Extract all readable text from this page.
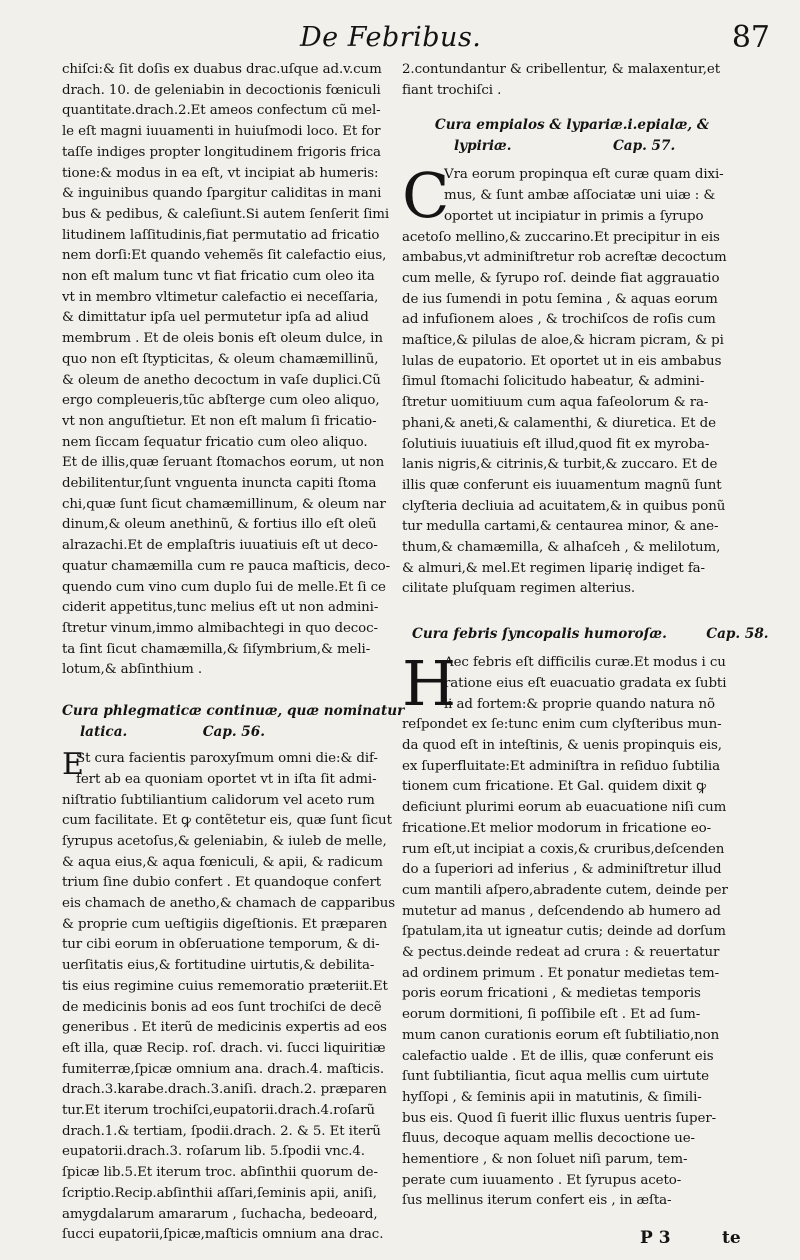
De Febribus.	87
chiſci:& ſit doſis ex duabus drac.uſque ad.v.cum
drach. 10. de geleniabin in decoctionis fœniculi
quantitate.drach.2.Et ameos confectum cũ mel-
le eſt magni iuuamenti in huiuſmodi loco. Et for
taſſe indiges propter longitudinem frigoris frica
tione:& modus in ea eſt, vt incipiat ab humeris:
& inguinibus quando ſpargitur caliditas in mani
bus & pedibus, & caleſiunt.Si autem ſenſerit ſimi
litudinem laſſitudinis,fiat permutatio ad fricatio
nem dorſi:Et quando vehemẽs ſit calefactio eius,
non eſt malum tunc vt fiat fricatio cum oleo ita
vt in membro vltimetur calefactio ei neceſſaria,
& dimittatur ipſa uel permutetur ipſa ad aliud
membrum . Et de oleis bonis eſt oleum dulce, in
quo non eſt ſtypticitas, & oleum chamæmillinũ,
& oleum de anetho decoctum in vaſe duplici.Cũ
ergo compleueris,tũc abſterge cum oleo aliquo,
vt non anguſtietur. Et non eſt malum ſi fricatio-
nem ſiccam ſequatur fricatio cum oleo aliquo.
Et de illis,quæ ſeruant ſtomachos eorum, ut non
debilitentur,ſunt vnguenta inuncta capiti ſtoma
chi,quæ ſunt ſicut chamæmillinum, & oleum nar
dinum,& oleum anethinũ, & fortius illo eſt oleũ
alrazachi.Et de emplaſtris iuuatiuis eſt ut deco-
quatur chamæmilla cum re pauca maſticis, deco-
quendo cum vino cum duplo ſui de melle.Et ſi ce
ciderit appetitus,tunc melius eſt ut non admini-
ſtretur vinum,immo almibachtegi in quo decoc-
ta ſint ſicut chamæmilla,& ſiſymbrium,& meli-
lotum,& abſinthium .
Cura phlegmaticæ continuæ, quæ nominatur
latica.	Cap. 56.
E
St cura facientis paroxyſmum omni die:& dif-
fert ab ea quoniam oportet vt in iſta ſit admi-
niſtratio ſubtiliantium calidorum vel aceto rum
cum facilitate. Et ꝙ contẽtetur eis, quæ ſunt ſicut
ſyrupus acetoſus,& geleniabin, & iuleb de melle,
& aqua eius,& aqua fœniculi, & apii, & radicum
trium ſine dubio confert . Et quandoque confert
eis chamach de anetho,& chamach de capparibus
& proprie cum ueſtigiis digeſtionis. Et præparen
tur cibi eorum in obſeruatione temporum, & di-
uerſitatis eius,& fortitudine uirtutis,& debilita-
tis eius regimine cuius rememoratio præteriit.Et
de medicinis bonis ad eos ſunt trochiſci de decẽ
generibus . Et iterũ de medicinis expertis ad eos
eſt illa, quæ Recip. roſ. drach. vi. ſucci liquiritiæ
fumiterræ,ſpicæ omnium ana. drach.4. maſticis.
drach.3.karabe.drach.3.aniſi. drach.2. præparen
tur.Et iterum trochiſci,eupatorii.drach.4.roſarũ
drach.1.& tertiam, ſpodii.drach. 2. & 5. Et iterũ
eupatorii.drach.3. roſarum lib. 5.ſpodii vnc.4.
ſpicæ lib.5.Et iterum troc. abſinthii quorum de-
ſcriptio.Recip.abſinthii aſſari,ſeminis apii, aniſi,
amygdalarum amararum , ſuchacha, bedeoard,
ſucci eupatorii,ſpicæ,maſticis omnium ana drac.
2.contundantur & cribellentur, & malaxentur,et
fiant trochiſci .
Cura empialos & lypariæ.i.epialæ, &
lypiriæ.	Cap. 57.
C
Vra eorum propinqua eſt curæ quam dixi-
mus, & ſunt ambæ aſſociatæ uni uiæ : &
oportet ut incipiatur in primis a ſyrupo
acetoſo mellino,& zuccarino.Et precipitur in eis
ambabus,vt adminiſtretur rob acreſtæ decoctum
cum melle, & ſyrupo roſ. deinde fiat aggrauatio
de ius ſumendi in potu ſemina , & aquas eorum
ad infuſionem aloes , & trochiſcos de roſis cum
maſtice,& pilulas de aloe,& hicram picram, & pi
lulas de eupatorio. Et oportet ut in eis ambabus
ſimul ſtomachi ſolicitudo habeatur, & admini-
ſtretur uomitiuum cum aqua faſeolorum & ra-
phani,& aneti,& calamenthi, & diuretica. Et de
ſolutiuis iuuatiuis eſt illud,quod fit ex myroba-
lanis nigris,& citrinis,& turbit,& zuccaro. Et de
illis quæ conferunt eis iuuamentum magnũ ſunt
clyſteria decliuia ad acuitatem,& in quibus ponũ
tur medulla cartami,& centaurea minor, & ane-
thum,& chamæmilla, & alhaſceh , & melilotum,
& almuri,& mel.Et regimen liparię indiget fa-
cilitate pluſquam regimen alterius.
Cura febris ſyncopalis humoroſæ.	Cap. 58.
H
Aec febris eſt difficilis curæ.Et modus i cu
ratione eius eſt euacuatio gradata ex ſubti
li ad fortem:& proprie quando natura nõ
reſpondet ex ſe:tunc enim cum clyſteribus mun-
da quod eſt in inteſtinis, & uenis propinquis eis,
ex ſuperfluitate:Et adminiſtra in reſiduo ſubtilia
tionem cum fricatione. Et Gal. quidem dixit ꝙ
deficiunt plurimi eorum ab euacuatione niſi cum
fricatione.Et melior modorum in fricatione eo-
rum eſt,ut incipiat a coxis,& cruribus,deſcenden
do a ſuperiori ad inferius , & adminiſtretur illud
cum mantili aſpero,abradente cutem, deinde per
mutetur ad manus , deſcendendo ab humero ad
ſpatulam,ita ut igneatur cutis; deinde ad dorſum
& pectus.deinde redeat ad crura : & reuertatur
ad ordinem primum . Et ponatur medietas tem-
poris eorum fricationi , & medietas temporis
eorum dormitioni, ſi poſſibile eſt . Et ad ſum-
mum canon curationis eorum eſt ſubtiliatio,non
calefactio ualde . Et de illis, quæ conferunt eis
ſunt ſubtiliantia, ſicut aqua mellis cum uirtute
hyſſopi , & ſeminis apii in matutinis, & ſimili-
bus eis. Quod ſi fuerit illic fluxus uentris ſuper-
fluus, decoque aquam mellis decoctione ue-
hementiore , & non ſoluet niſi parum, tem-
perate cum iuuamento . Et ſyrupus aceto-
ſus mellinus iterum confert eis , in æſta-
P 3	te
